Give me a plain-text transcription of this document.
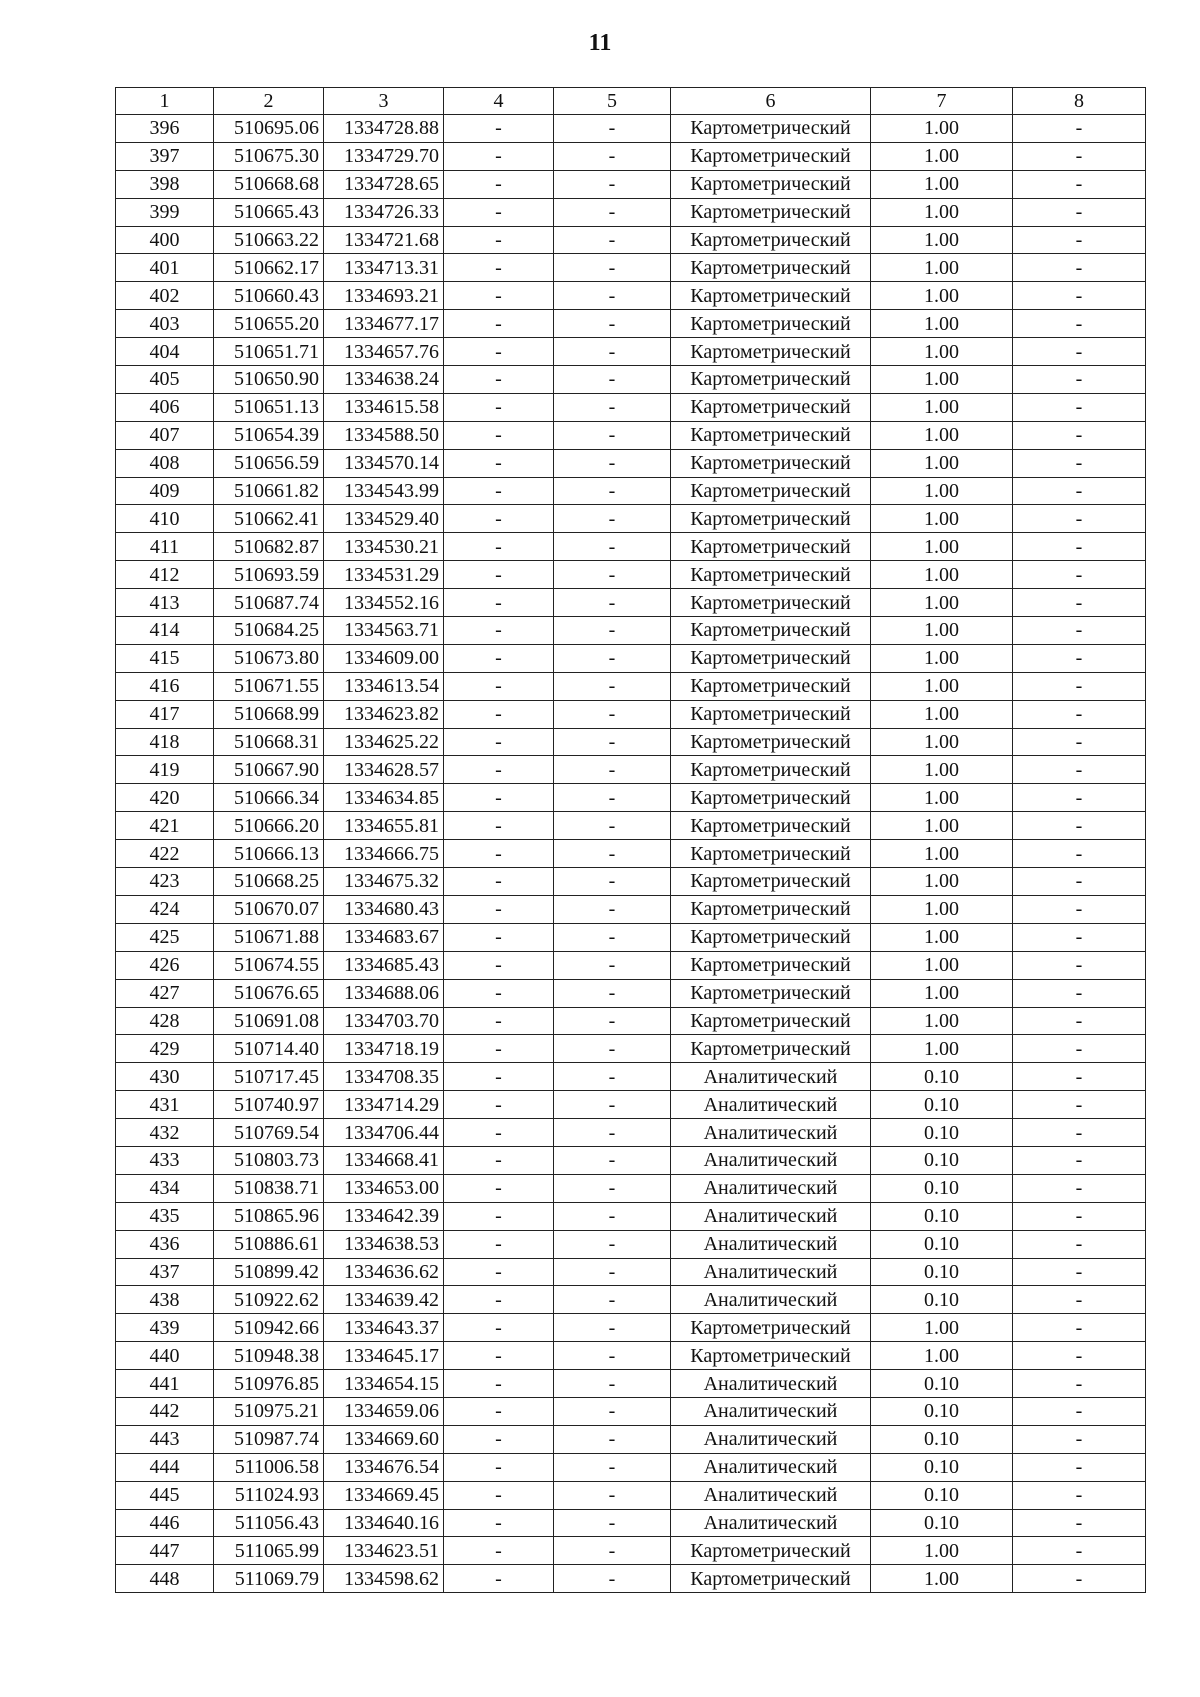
11
1	2	3	4	5	6	7	8
396	510695.06	1334728.88	-	-	Картометрический	1.00	-
397	510675.30	1334729.70	-	-	Картометрический	1.00	-
398	510668.68	1334728.65	-	-	Картометрический	1.00	-
399	510665.43	1334726.33	-	-	Картометрический	1.00	-
400	510663.22	1334721.68	-	-	Картометрический	1.00	-
401	510662.17	1334713.31	-	-	Картометрический	1.00	-
402	510660.43	1334693.21	-	-	Картометрический	1.00	-
403	510655.20	1334677.17	-	-	Картометрический	1.00	-
404	510651.71	1334657.76	-	-	Картометрический	1.00	-
405	510650.90	1334638.24	-	-	Картометрический	1.00	-
406	510651.13	1334615.58	-	-	Картометрический	1.00	-
407	510654.39	1334588.50	-	-	Картометрический	1.00	-
408	510656.59	1334570.14	-	-	Картометрический	1.00	-
409	510661.82	1334543.99	-	-	Картометрический	1.00	-
410	510662.41	1334529.40	-	-	Картометрический	1.00	-
411	510682.87	1334530.21	-	-	Картометрический	1.00	-
412	510693.59	1334531.29	-	-	Картометрический	1.00	-
413	510687.74	1334552.16	-	-	Картометрический	1.00	-
414	510684.25	1334563.71	-	-	Картометрический	1.00	-
415	510673.80	1334609.00	-	-	Картометрический	1.00	-
416	510671.55	1334613.54	-	-	Картометрический	1.00	-
417	510668.99	1334623.82	-	-	Картометрический	1.00	-
418	510668.31	1334625.22	-	-	Картометрический	1.00	-
419	510667.90	1334628.57	-	-	Картометрический	1.00	-
420	510666.34	1334634.85	-	-	Картометрический	1.00	-
421	510666.20	1334655.81	-	-	Картометрический	1.00	-
422	510666.13	1334666.75	-	-	Картометрический	1.00	-
423	510668.25	1334675.32	-	-	Картометрический	1.00	-
424	510670.07	1334680.43	-	-	Картометрический	1.00	-
425	510671.88	1334683.67	-	-	Картометрический	1.00	-
426	510674.55	1334685.43	-	-	Картометрический	1.00	-
427	510676.65	1334688.06	-	-	Картометрический	1.00	-
428	510691.08	1334703.70	-	-	Картометрический	1.00	-
429	510714.40	1334718.19	-	-	Картометрический	1.00	-
430	510717.45	1334708.35	-	-	Аналитический	0.10	-
431	510740.97	1334714.29	-	-	Аналитический	0.10	-
432	510769.54	1334706.44	-	-	Аналитический	0.10	-
433	510803.73	1334668.41	-	-	Аналитический	0.10	-
434	510838.71	1334653.00	-	-	Аналитический	0.10	-
435	510865.96	1334642.39	-	-	Аналитический	0.10	-
436	510886.61	1334638.53	-	-	Аналитический	0.10	-
437	510899.42	1334636.62	-	-	Аналитический	0.10	-
438	510922.62	1334639.42	-	-	Аналитический	0.10	-
439	510942.66	1334643.37	-	-	Картометрический	1.00	-
440	510948.38	1334645.17	-	-	Картометрический	1.00	-
441	510976.85	1334654.15	-	-	Аналитический	0.10	-
442	510975.21	1334659.06	-	-	Аналитический	0.10	-
443	510987.74	1334669.60	-	-	Аналитический	0.10	-
444	511006.58	1334676.54	-	-	Аналитический	0.10	-
445	511024.93	1334669.45	-	-	Аналитический	0.10	-
446	511056.43	1334640.16	-	-	Аналитический	0.10	-
447	511065.99	1334623.51	-	-	Картометрический	1.00	-
448	511069.79	1334598.62	-	-	Картометрический	1.00	-
